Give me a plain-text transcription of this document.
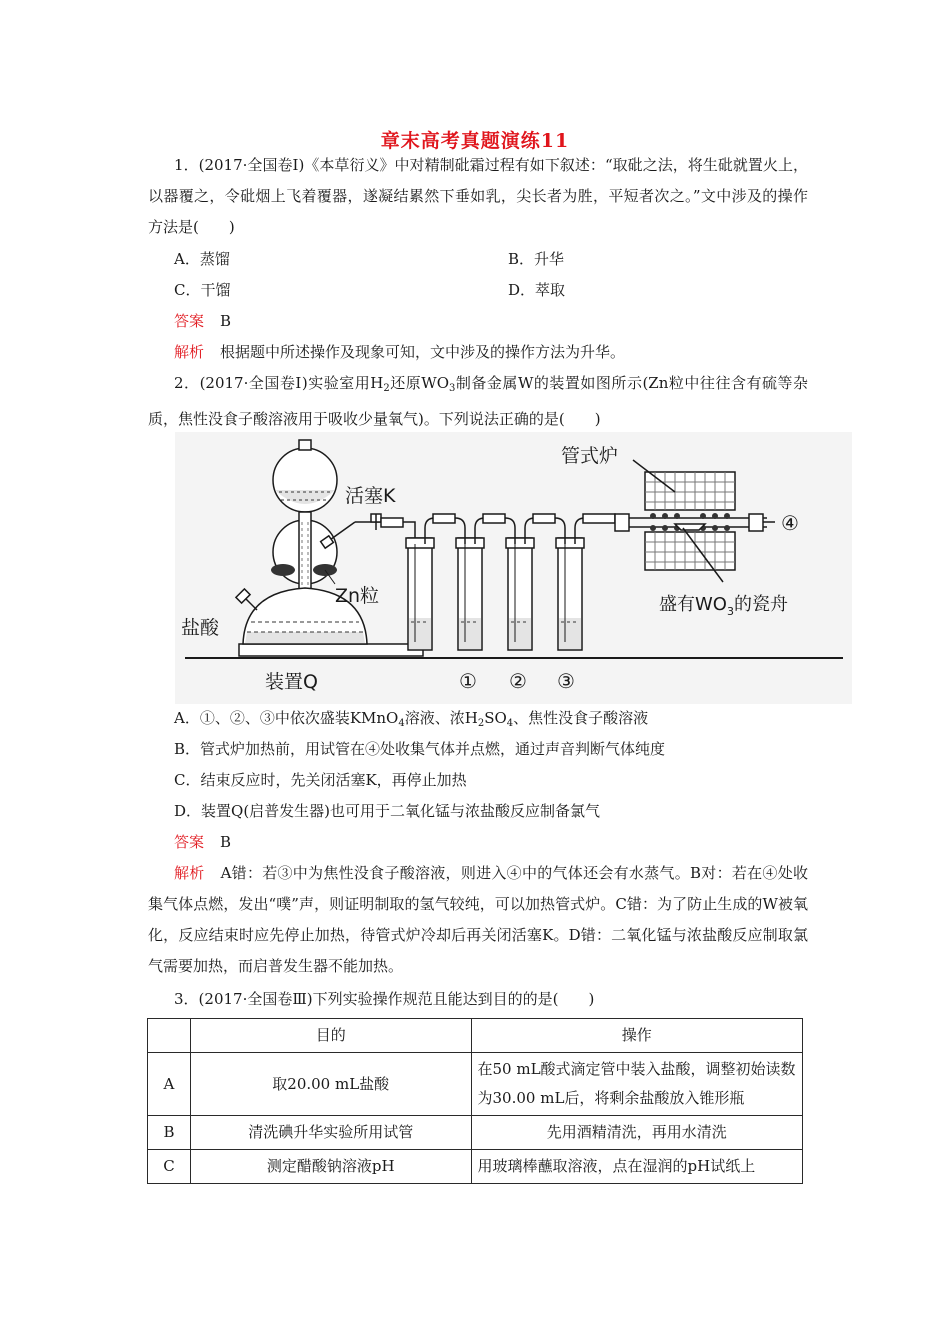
章末高考真题演练11
1．(2017·全国卷Ⅰ)《本草衍义》中对精制砒霜过程有如下叙述：“取砒之法，将生砒就置火上，以器覆之，令砒烟上飞着覆器，遂凝结累然下垂如乳，尖长者为胜，平短者次之。”文中涉及的操作方法是(　　)
A．蒸馏	B．升华
C．干馏	D．萃取
答案 B
解析 根据题中所述操作及现象可知，文中涉及的操作方法为升华。
2．(2017·全国卷Ⅰ)实验室用$H_2$还原$WO_3$制备金属W的装置如图所示(Zn粒中往往含有硫等杂质，焦性没食子酸溶液用于吸收少量氧气)。下列说法正确的是(　　)
管式炉
活塞K
Zn粒
盐酸
装置Q	① ② ③
④
盛有$WO_3$的瓷舟
A．①、②、③中依次盛装KMnO$_4$溶液、浓$H_2SO_4$、焦性没食子酸溶液
B．管式炉加热前，用试管在④处收集气体并点燃，通过声音判断气体纯度
C．结束反应时，先关闭活塞K，再停止加热
D．装置Q(启普发生器)也可用于二氧化锰与浓盐酸反应制备氯气
答案 B
解析 A错：若③中为焦性没食子酸溶液，则进入④中的气体还会有水蒸气。B对：若在④处收集气体点燃，发出“噗”声，则证明制取的氢气较纯，可以加热管式炉。C错：为了防止生成的W被氧化，反应结束时应先停止加热，待管式炉冷却后再关闭活塞K。D错：二氧化锰与浓盐酸反应制取氯气需要加热，而启普发生器不能加热。
3．(2017·全国卷Ⅲ)下列实验操作规范且能达到目的的是(　　)
	目的	操作
A	取20.00 mL盐酸	在50 mL酸式滴定管中装入盐酸，调整初始读数为30.00 mL后，将剩余盐酸放入锥形瓶
B	清洗碘升华实验所用试管	先用酒精清洗，再用水清洗
C	测定醋酸钠溶液pH	用玻璃棒蘸取溶液，点在湿润的pH试纸上
